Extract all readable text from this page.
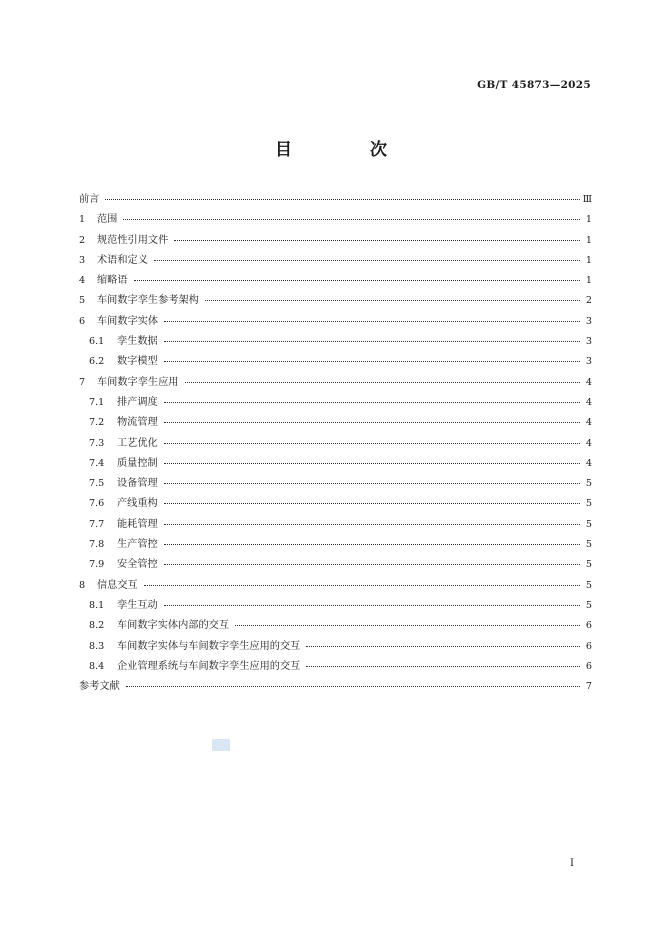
GB/T 45873—2025
目 次
前言	Ⅲ
1	范围	1
2	规范性引用文件	1
3	术语和定义	1
4	缩略语	1
5	车间数字孪生参考架构	2
6	车间数字实体	3
6.1	孪生数据	3
6.2	数字模型	3
7	车间数字孪生应用	4
7.1	排产调度	4
7.2	物流管理	4
7.3	工艺优化	4
7.4	质量控制	4
7.5	设备管理	5
7.6	产线重构	5
7.7	能耗管理	5
7.8	生产管控	5
7.9	安全管控	5
8	信息交互	5
8.1	孪生互动	5
8.2	车间数字实体内部的交互	6
8.3	车间数字实体与车间数字孪生应用的交互	6
8.4	企业管理系统与车间数字孪生应用的交互	6
参考文献	7
I
